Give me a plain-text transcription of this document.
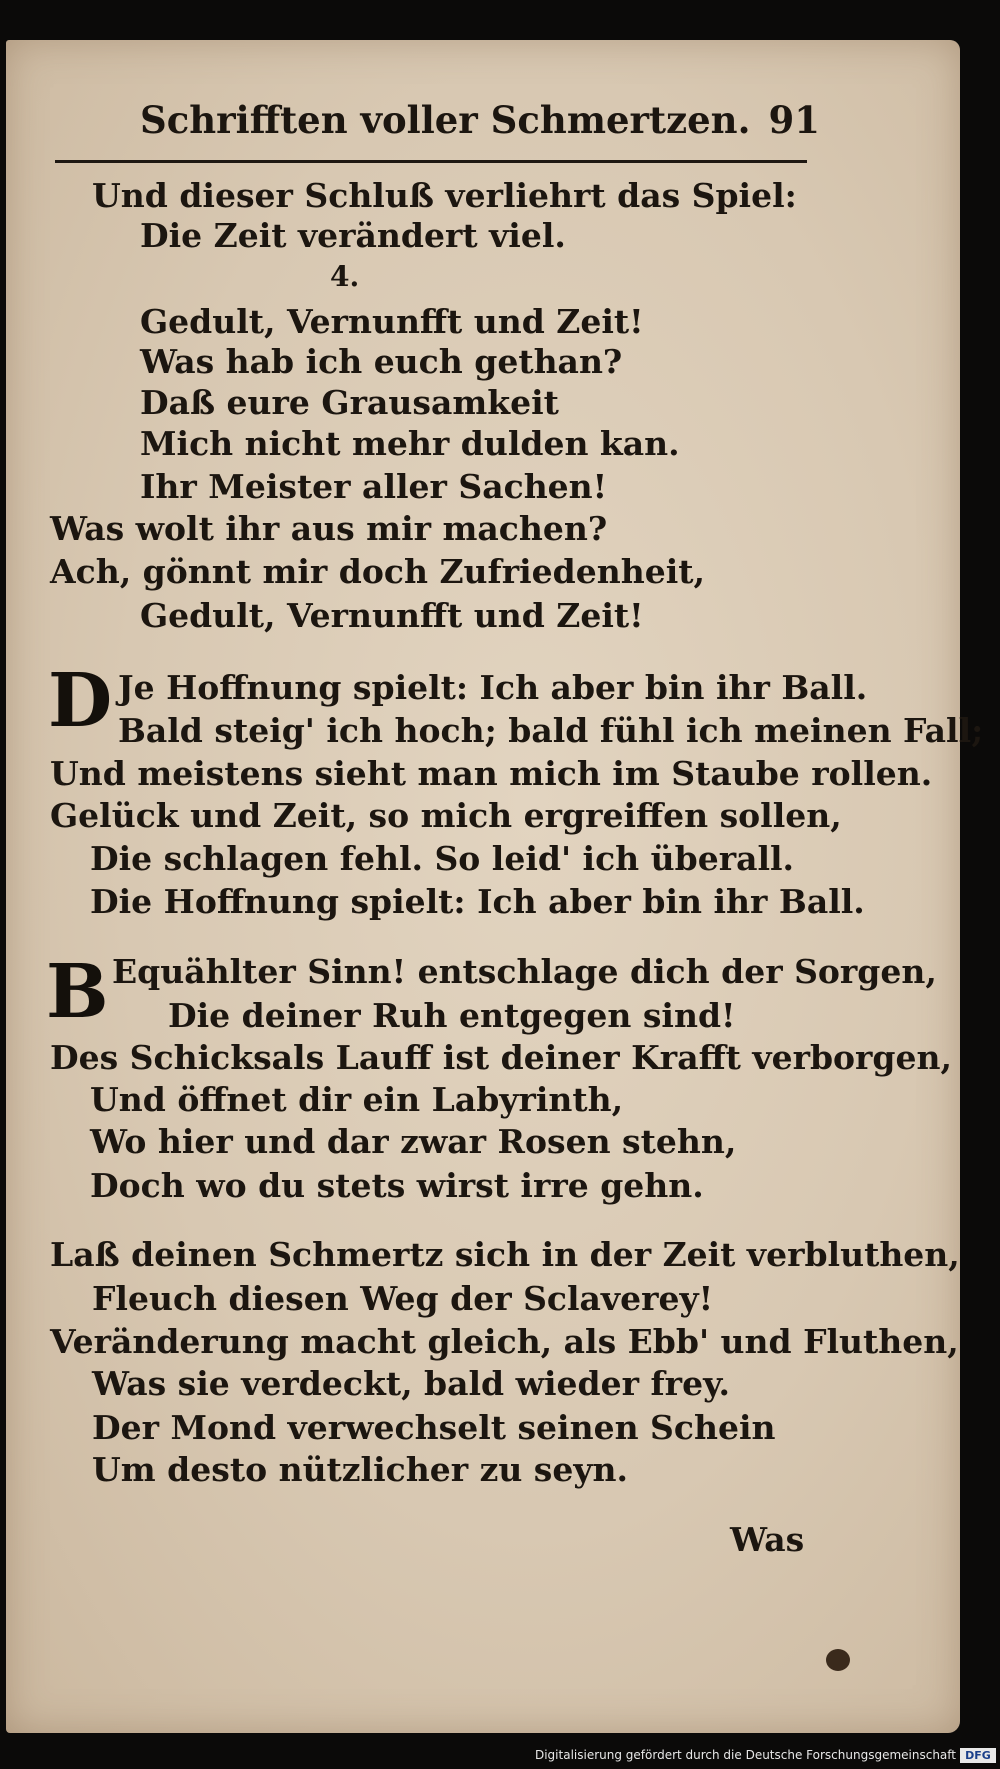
Schrifften voller Schmertzen. 91
Und dieser Schluß verliehrt das Spiel:
Die Zeit verändert viel.
4.
Gedult, Vernunfft und Zeit!
Was hab ich euch gethan?
Daß eure Grausamkeit
Mich nicht mehr dulden kan.
Ihr Meister aller Sachen!
Was wolt ihr aus mir machen?
Ach, gönnt mir doch Zufriedenheit,
Gedult, Vernunfft und Zeit!
D Je Hoffnung spielt: Ich aber bin ihr Ball.
Bald steig' ich hoch; bald fühl ich meinen Fall;
Und meistens sieht man mich im Staube rollen.
Gelück und Zeit, so mich ergreiffen sollen,
Die schlagen fehl. So leid' ich überall.
Die Hoffnung spielt: Ich aber bin ihr Ball.
B Equählter Sinn! entschlage dich der Sorgen,
Die deiner Ruh entgegen sind!
Des Schicksals Lauff ist deiner Krafft verborgen,
Und öffnet dir ein Labyrinth,
Wo hier und dar zwar Rosen stehn,
Doch wo du stets wirst irre gehn.
Laß deinen Schmertz sich in der Zeit verbluthen,
Fleuch diesen Weg der Sclaverey!
Veränderung macht gleich, als Ebb' und Fluthen,
Was sie verdeckt, bald wieder frey.
Der Mond verwechselt seinen Schein
Um desto nützlicher zu seyn.
Was
Digitalisierung gefördert durch die Deutsche Forschungsgemeinschaft DFG
